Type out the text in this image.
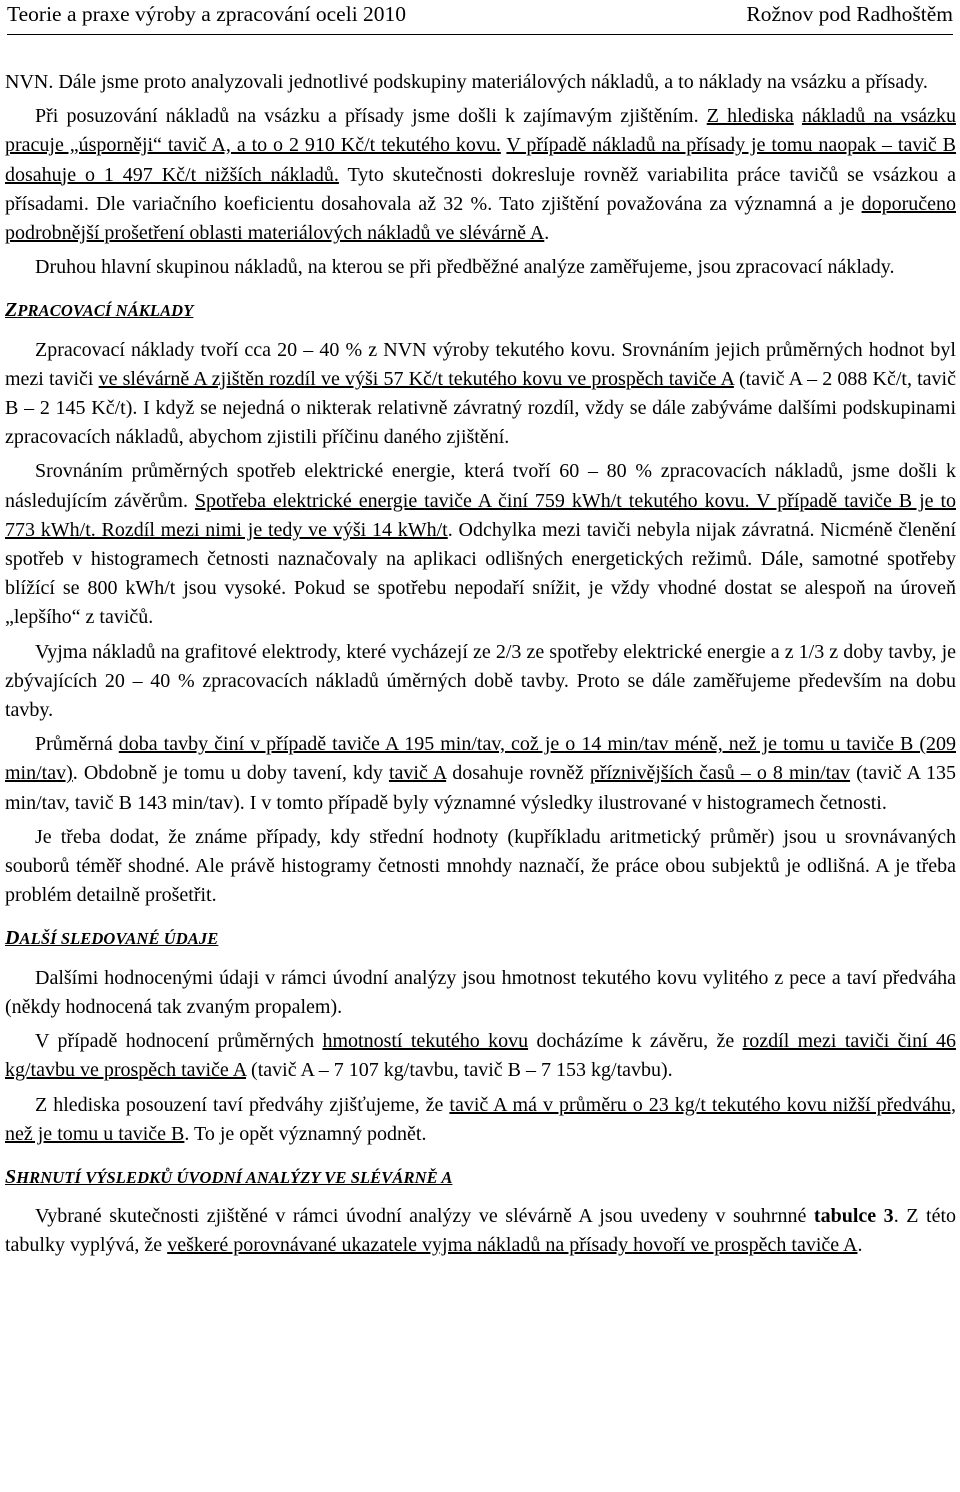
Teorie a praxe výroby a zpracování oceli 2010	Rožnov pod Radhoštěm

NVN. Dále jsme proto analyzovali jednotlivé podskupiny materiálových nákladů, a to náklady na vsázku a přísady.

Při posuzování nákladů na vsázku a přísady jsme došli k zajímavým zjištěním. Z hlediska nákladů na vsázku pracuje „úsporněji“ tavič A, a to o 2 910 Kč/t tekutého kovu. V případě nákladů na přísady je tomu naopak – tavič B dosahuje o 1 497 Kč/t nižších nákladů. Tyto skutečnosti dokresluje rovněž variabilita práce tavičů se vsázkou a přísadami. Dle variačního koeficientu dosahovala až 32 %. Tato zjištění považována za významná a je doporučeno podrobnější prošetření oblasti materiálových nákladů ve slévárně A.

Druhou hlavní skupinou nákladů, na kterou se při předběžné analýze zaměřujeme, jsou zpracovací náklady.

ZPRACOVACÍ NÁKLADY

Zpracovací náklady tvoří cca 20 – 40 % z NVN výroby tekutého kovu. Srovnáním jejich průměrných hodnot byl mezi taviči ve slévárně A zjištěn rozdíl ve výši 57 Kč/t tekutého kovu ve prospěch taviče A (tavič A – 2 088 Kč/t, tavič B – 2 145 Kč/t). I když se nejedná o nikterak relativně závratný rozdíl, vždy se dále zabýváme dalšími podskupinami zpracovacích nákladů, abychom zjistili příčinu daného zjištění.

Srovnáním průměrných spotřeb elektrické energie, která tvoří 60 – 80 % zpracovacích nákladů, jsme došli k následujícím závěrům. Spotřeba elektrické energie taviče A činí 759 kWh/t tekutého kovu. V případě taviče B je to 773 kWh/t. Rozdíl mezi nimi je tedy ve výši 14 kWh/t. Odchylka mezi taviči nebyla nijak závratná. Nicméně členění spotřeb v histogramech četnosti naznačovaly na aplikaci odlišných energetických režimů. Dále, samotné spotřeby blížící se 800 kWh/t jsou vysoké. Pokud se spotřebu nepodaří snížit, je vždy vhodné dostat se alespoň na úroveň „lepšího“ z tavičů.

Vyjma nákladů na grafitové elektrody, které vycházejí ze 2/3 ze spotřeby elektrické energie a z 1/3 z doby tavby, je zbývajících 20 – 40 % zpracovacích nákladů úměrných době tavby. Proto se dále zaměřujeme především na dobu tavby.

Průměrná doba tavby činí v případě taviče A 195 min/tav, což je o 14 min/tav méně, než je tomu u taviče B (209 min/tav). Obdobně je tomu u doby tavení, kdy tavič A dosahuje rovněž příznivějších časů – o 8 min/tav (tavič A 135 min/tav, tavič B 143 min/tav). I v tomto případě byly významné výsledky ilustrované v histogramech četnosti.

Je třeba dodat, že známe případy, kdy střední hodnoty (kupříkladu aritmetický průměr) jsou u srovnávaných souborů téměř shodné. Ale právě histogramy četnosti mnohdy naznačí, že práce obou subjektů je odlišná. A je třeba problém detailně prošetřit.

DALŠÍ SLEDOVANÉ ÚDAJE

Dalšími hodnocenými údaji v rámci úvodní analýzy jsou hmotnost tekutého kovu vylitého z pece a taví předváha (někdy hodnocená tak zvaným propalem).

V případě hodnocení průměrných hmotností tekutého kovu docházíme k závěru, že rozdíl mezi taviči činí 46 kg/tavbu ve prospěch taviče A (tavič A – 7 107 kg/tavbu, tavič B – 7 153 kg/tavbu).

Z hlediska posouzení taví předváhy zjišťujeme, že tavič A má v průměru o 23 kg/t tekutého kovu nižší předváhu, než je tomu u taviče B. To je opět významný podnět.

SHRNUTÍ VÝSLEDKŮ ÚVODNÍ ANALÝZY VE SLÉVÁRNĚ A

Vybrané skutečnosti zjištěné v rámci úvodní analýzy ve slévárně A jsou uvedeny v souhrnné tabulce 3. Z této tabulky vyplývá, že veškeré porovnávané ukazatele vyjma nákladů na přísady hovoří ve prospěch taviče A.
